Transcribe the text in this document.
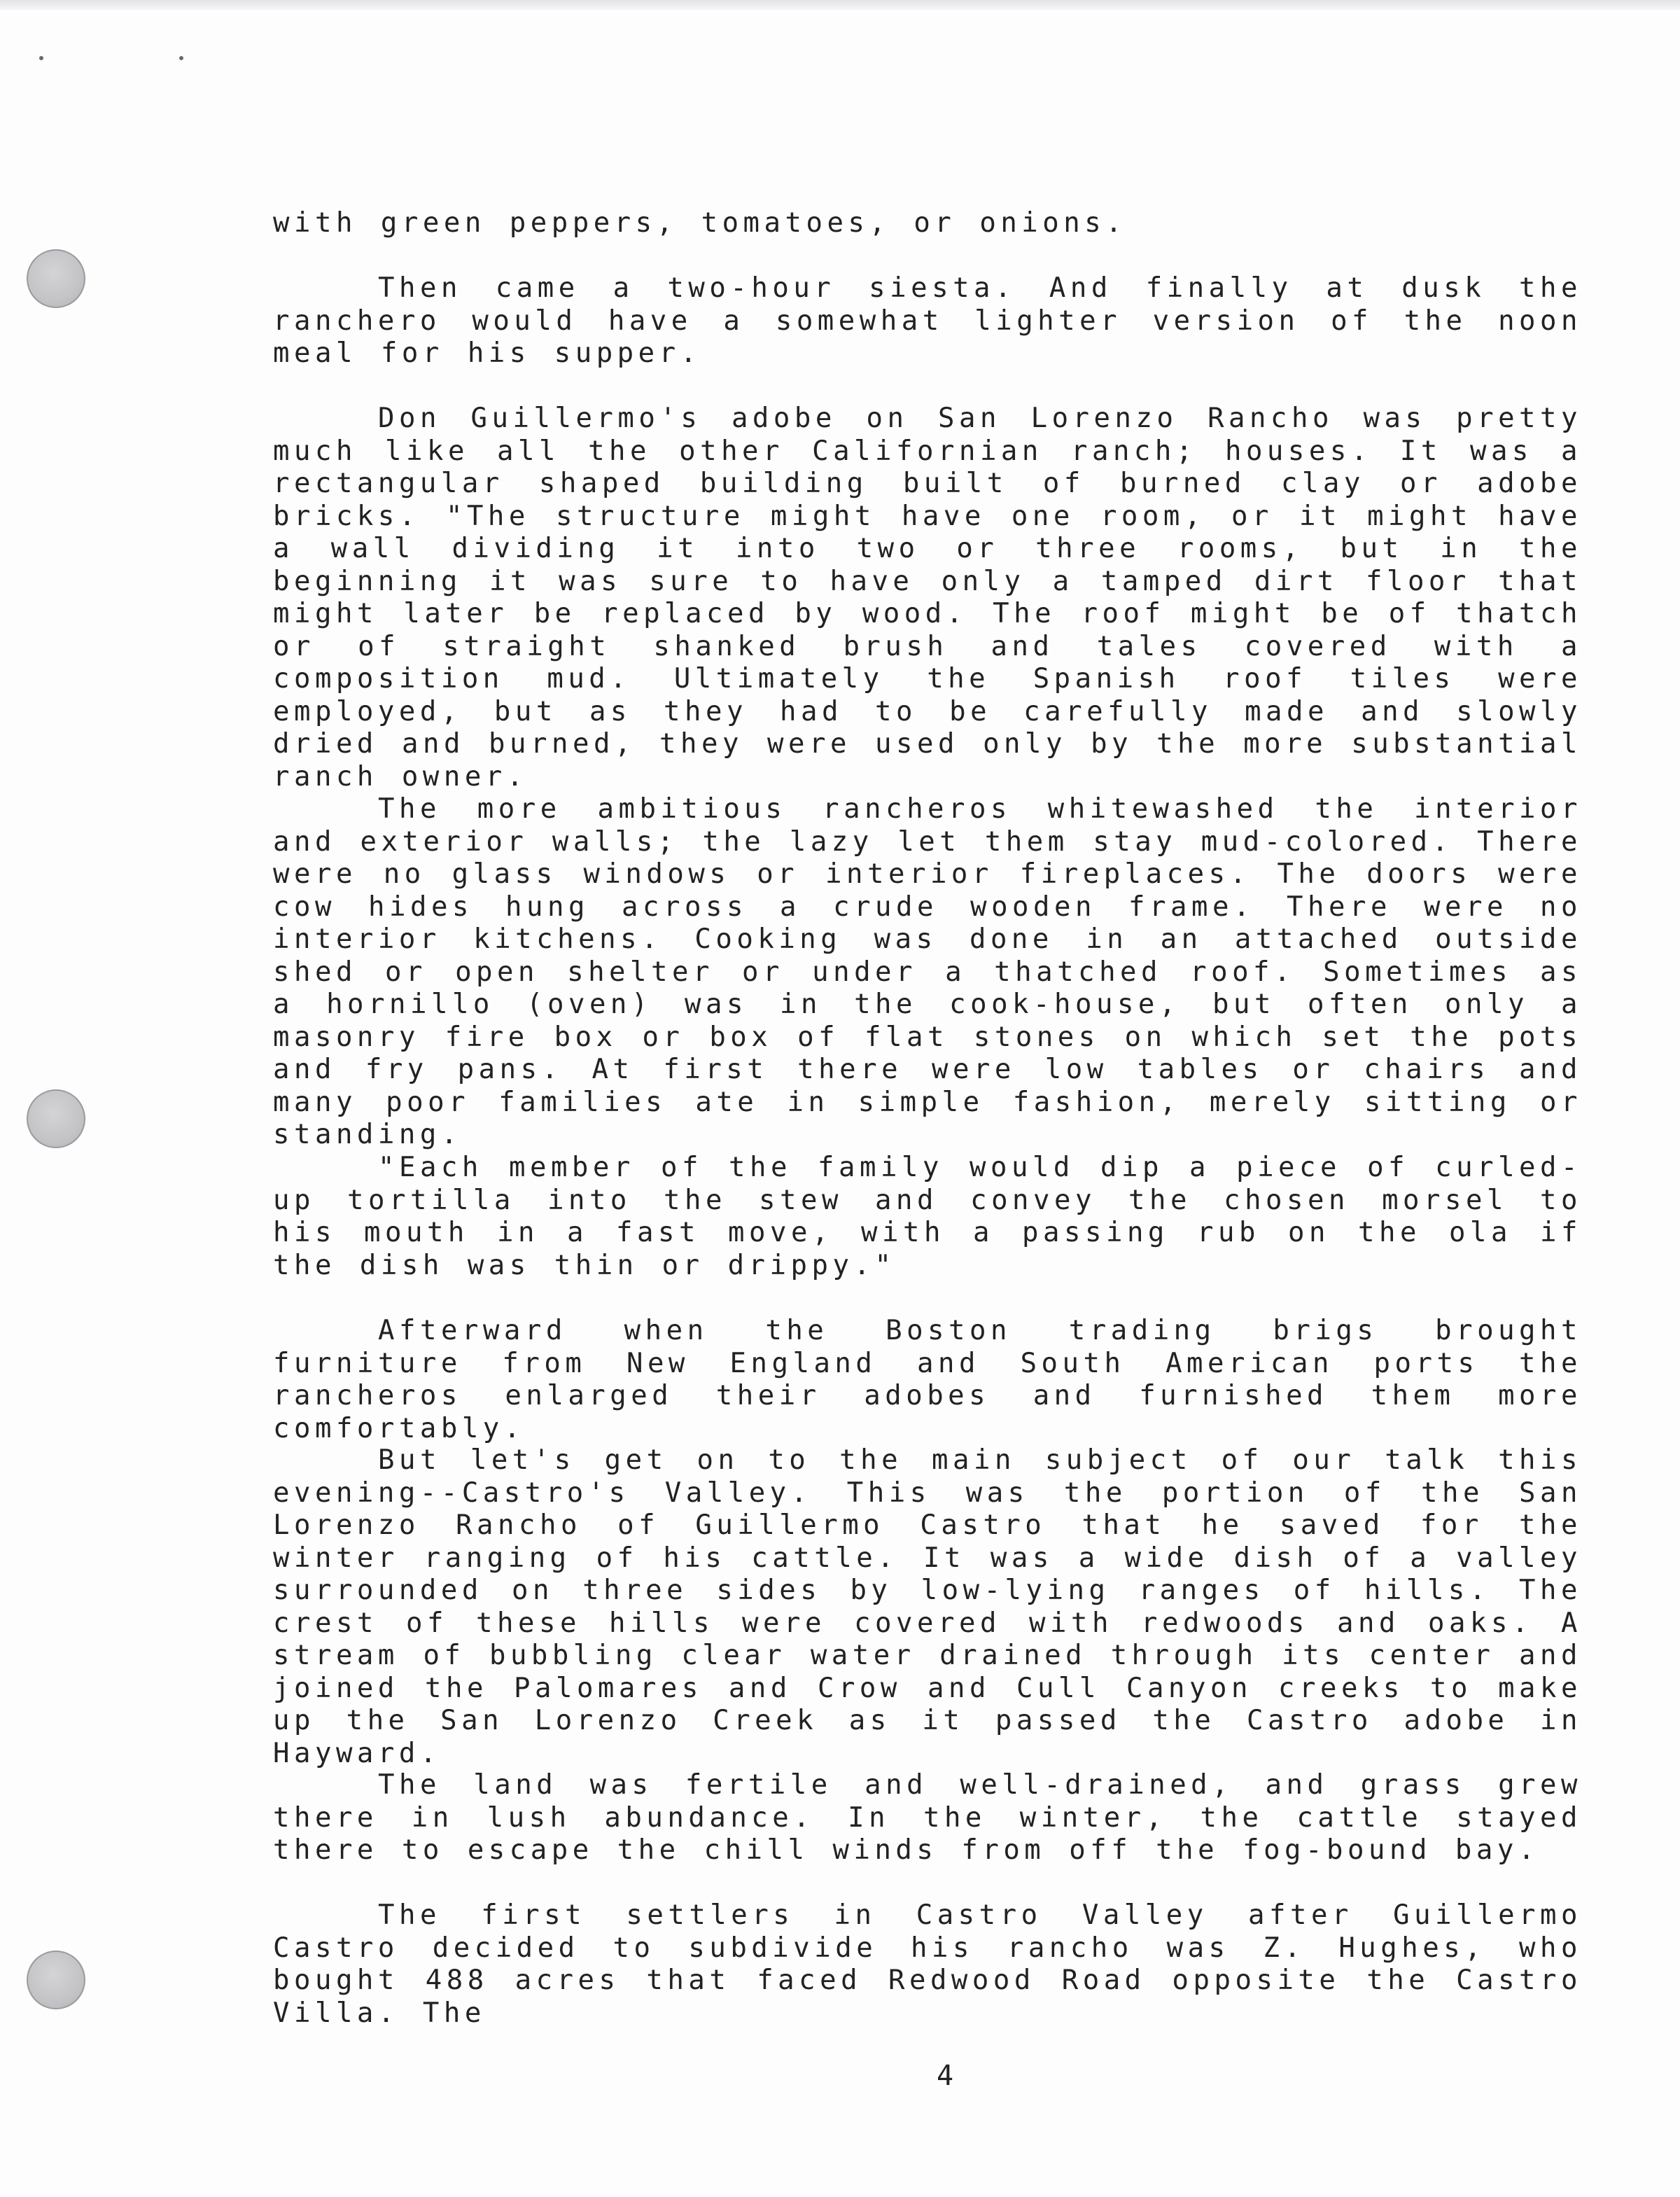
with green peppers, tomatoes, or onions.

Then came a two-hour siesta. And finally at dusk the ranchero would have a somewhat lighter version of the noon meal for his supper.

Don Guillermo's adobe on San Lorenzo Rancho was pretty much like all the other Californian ranch; houses. It was a rectangular shaped building built of burned clay or adobe bricks. "The structure might have one room, or it might have a wall dividing it into two or three rooms, but in the beginning it was sure to have only a tamped dirt floor that might later be replaced by wood. The roof might be of thatch or of straight shanked brush and tales covered with a composition mud. Ultimately the Spanish roof tiles were employed, but as they had to be carefully made and slowly dried and burned, they were used only by the more substantial ranch owner.

The more ambitious rancheros whitewashed the interior and exterior walls; the lazy let them stay mud-colored. There were no glass windows or interior fireplaces. The doors were cow hides hung across a crude wooden frame. There were no interior kitchens. Cooking was done in an attached outside shed or open shelter or under a thatched roof. Sometimes as a hornillo (oven) was in the cook-house, but often only a masonry fire box or box of flat stones on which set the pots and fry pans. At first there were low tables or chairs and many poor families ate in simple fashion, merely sitting or standing.

"Each member of the family would dip a piece of curled-up tortilla into the stew and convey the chosen morsel to his mouth in a fast move, with a passing rub on the ola if the dish was thin or drippy."

Afterward when the Boston trading brigs brought furniture from New England and South American ports the rancheros enlarged their adobes and furnished them more comfortably.

But let's get on to the main subject of our talk this evening--Castro's Valley. This was the portion of the San Lorenzo Rancho of Guillermo Castro that he saved for the winter ranging of his cattle. It was a wide dish of a valley surrounded on three sides by low-lying ranges of hills. The crest of these hills were covered with redwoods and oaks. A stream of bubbling clear water drained through its center and joined the Palomares and Crow and Cull Canyon creeks to make up the San Lorenzo Creek as it passed the Castro adobe in Hayward.

The land was fertile and well-drained, and grass grew there in lush abundance. In the winter, the cattle stayed there to escape the chill winds from off the fog-bound bay.

The first settlers in Castro Valley after Guillermo Castro decided to subdivide his rancho was Z. Hughes, who bought 488 acres that faced Redwood Road opposite the Castro Villa. The

4
